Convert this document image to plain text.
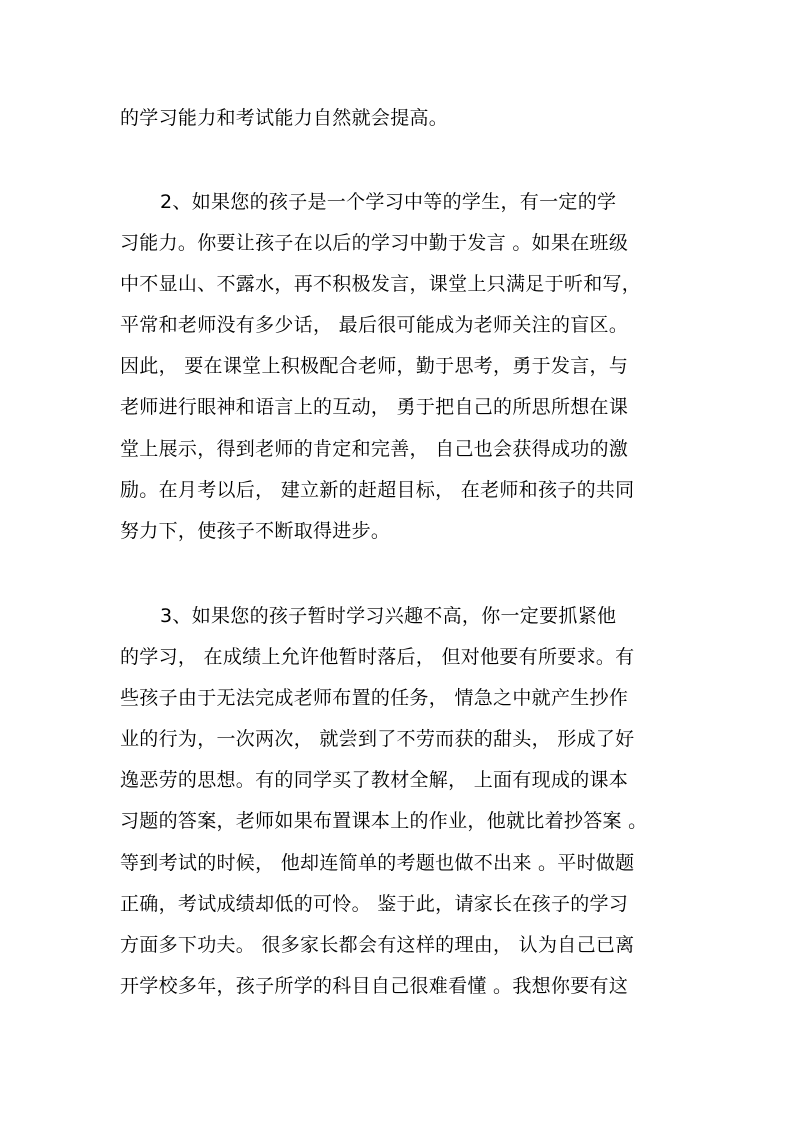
的学习能力和考试能力自然就会提高。
2、如果您的孩子是一个学习中等的学生，有一定的学
习能力。你要让孩子在以后的学习中勤于发言 。如果在班级
中不显山、不露水，再不积极发言，课堂上只满足于听和写，
平常和老师没有多少话， 最后很可能成为老师关注的盲区。
因此， 要在课堂上积极配合老师，勤于思考，勇于发言，与
老师进行眼神和语言上的互动， 勇于把自己的所思所想在课
堂上展示，得到老师的肯定和完善， 自己也会获得成功的激
励。在月考以后， 建立新的赶超目标， 在老师和孩子的共同
努力下，使孩子不断取得进步。
3、如果您的孩子暂时学习兴趣不高，你一定要抓紧他
的学习， 在成绩上允许他暂时落后， 但对他要有所要求。有
些孩子由于无法完成老师布置的任务， 情急之中就产生抄作
业的行为，一次两次， 就尝到了不劳而获的甜头， 形成了好
逸恶劳的思想。有的同学买了教材全解， 上面有现成的课本
习题的答案，老师如果布置课本上的作业，他就比着抄答案 。
等到考试的时候， 他却连简单的考题也做不出来 。平时做题
正确，考试成绩却低的可怜。 鉴于此，请家长在孩子的学习
方面多下功夫。 很多家长都会有这样的理由， 认为自己已离
开学校多年，孩子所学的科目自己很难看懂 。我想你要有这
